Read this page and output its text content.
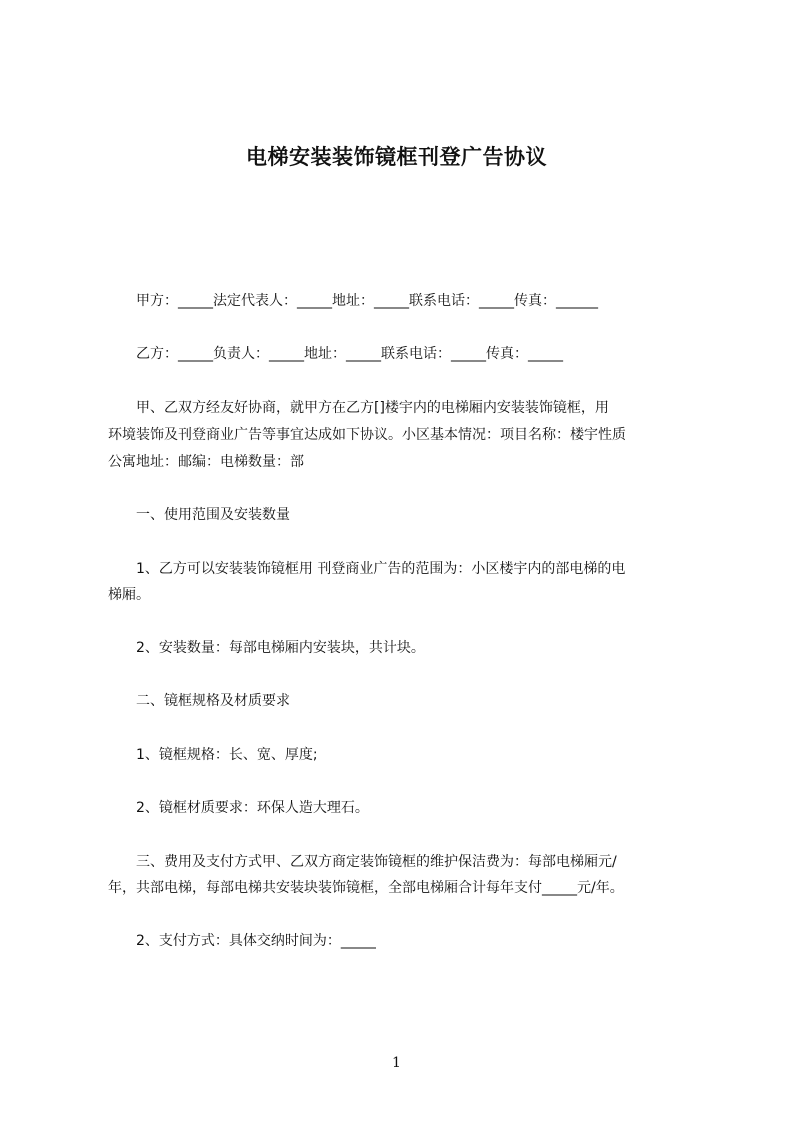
电梯安装装饰镜框刊登广告协议

甲方：_____法定代表人：_____地址：_____联系电话：_____传真：______

乙方：_____负责人：_____地址：_____联系电话：_____传真：_____

甲、乙双方经友好协商，就甲方在乙方[]楼宇内的电梯厢内安装装饰镜框，用

环境装饰及刊登商业广告等事宜达成如下协议。小区基本情况：项目名称：楼宇性质

公寓地址：邮编：电梯数量：部

一、使用范围及安装数量

1、乙方可以安装装饰镜框用 刊登商业广告的范围为：小区楼宇内的部电梯的电

梯厢。

2、安装数量：每部电梯厢内安装块，共计块。

二、镜框规格及材质要求

1、镜框规格：长、宽、厚度;

2、镜框材质要求：环保人造大理石。

三、费用及支付方式甲、乙双方商定装饰镜框的维护保洁费为：每部电梯厢元/

年，共部电梯，每部电梯共安装块装饰镜框，全部电梯厢合计每年支付_____元/年。

2、支付方式：具体交纳时间为：_____

1
